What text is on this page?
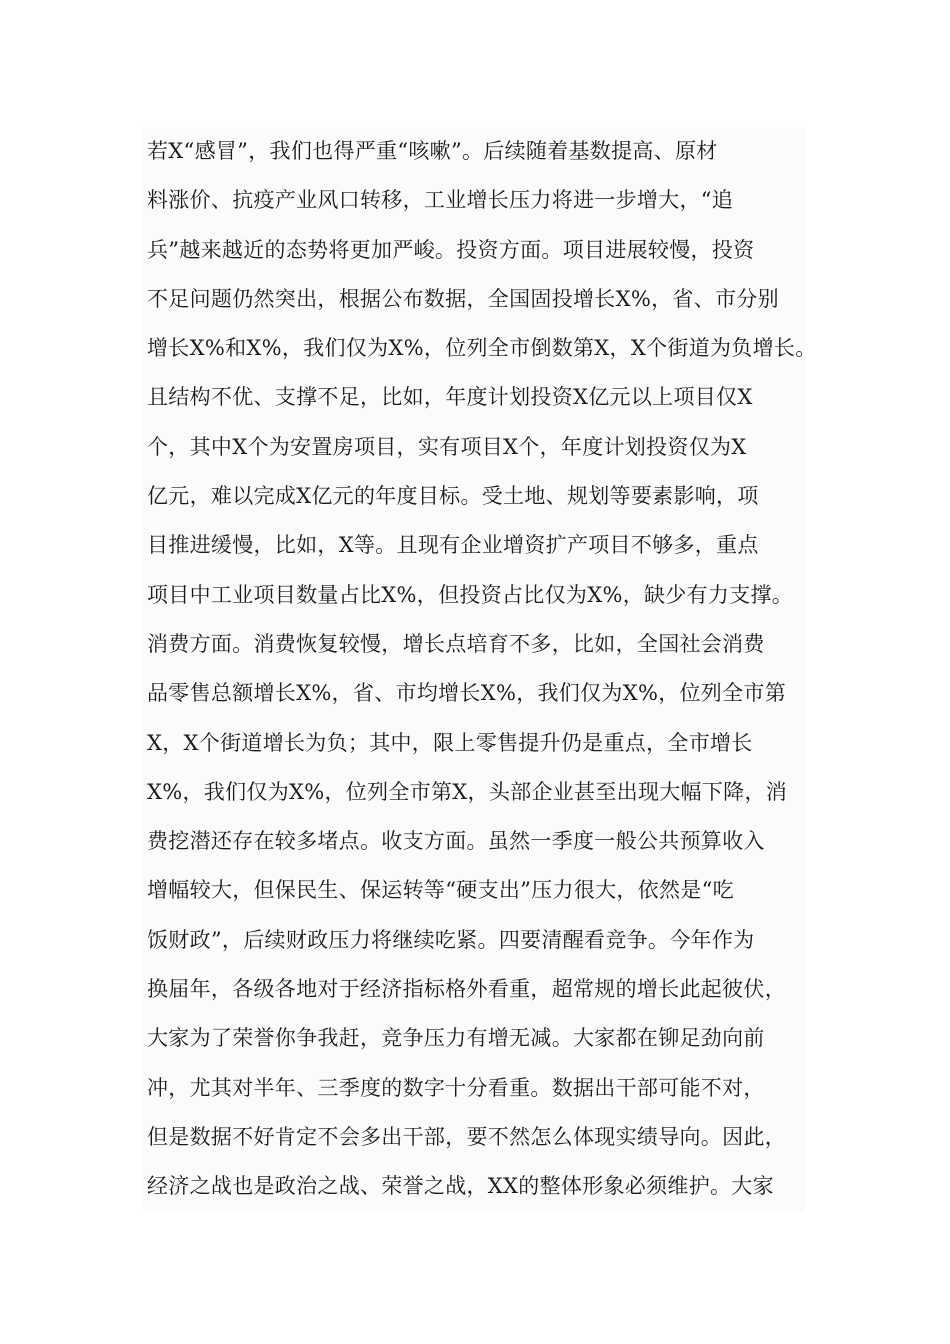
若X“感冒”，我们也得严重“咳嗽”。后续随着基数提高、原材
料涨价、抗疫产业风口转移，工业增长压力将进一步增大，“追
兵”越来越近的态势将更加严峻。投资方面。项目进展较慢，投资
不足问题仍然突出，根据公布数据，全国固投增长X%，省、市分别
增长X%和X%，我们仅为X%，位列全市倒数第X，X个街道为负增长。
且结构不优、支撑不足，比如，年度计划投资X亿元以上项目仅X
个，其中X个为安置房项目，实有项目X个，年度计划投资仅为X
亿元，难以完成X亿元的年度目标。受土地、规划等要素影响，项
目推进缓慢，比如，X等。且现有企业增资扩产项目不够多，重点
项目中工业项目数量占比X%，但投资占比仅为X%，缺少有力支撑。
消费方面。消费恢复较慢，增长点培育不多，比如，全国社会消费
品零售总额增长X%，省、市均增长X%，我们仅为X%，位列全市第
X，X个街道增长为负；其中，限上零售提升仍是重点，全市增长
X%，我们仅为X%，位列全市第X，头部企业甚至出现大幅下降，消
费挖潜还存在较多堵点。收支方面。虽然一季度一般公共预算收入
增幅较大，但保民生、保运转等“硬支出”压力很大，依然是“吃
饭财政”，后续财政压力将继续吃紧。四要清醒看竞争。今年作为
换届年，各级各地对于经济指标格外看重，超常规的增长此起彼伏，
大家为了荣誉你争我赶，竞争压力有增无减。大家都在铆足劲向前
冲，尤其对半年、三季度的数字十分看重。数据出干部可能不对，
但是数据不好肯定不会多出干部，要不然怎么体现实绩导向。因此，
经济之战也是政治之战、荣誉之战，XX的整体形象必须维护。大家
